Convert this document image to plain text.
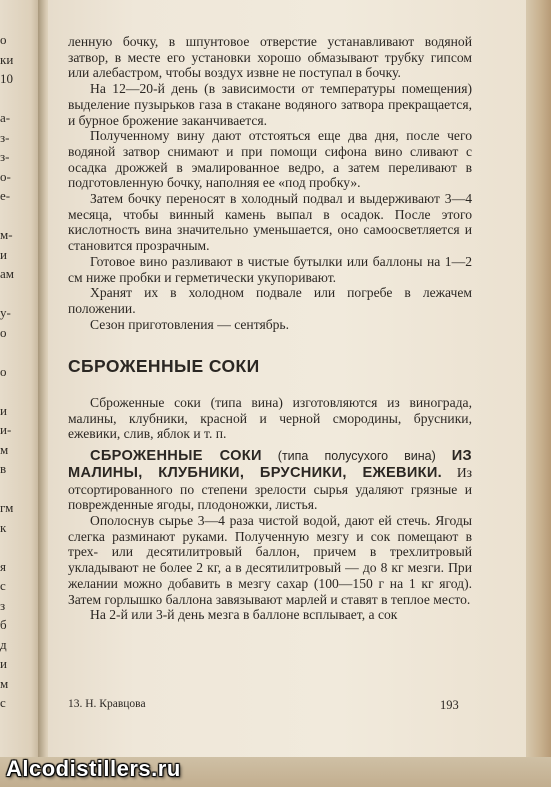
о
ки
10

а-
з-
з-
о-
е-

м-
и
ам

у-
о

о

и
и-
м
в

гм
к

я
с
з
б
д
и
м
с

ленную бочку, в шпунтовое отверстие устанавливают водяной затвор, в месте его установки хорошо обмазывают трубку гипсом или алебастром, чтобы воздух извне не поступал в бочку.

На 12—20-й день (в зависимости от температуры помещения) выделение пузырьков газа в стакане водяного затвора прекращается, и бурное брожение заканчивается.

Полученному вину дают отстояться еще два дня, после чего водяной затвор снимают и при помощи сифона вино сливают с осадка дрожжей в эмалированное ведро, а затем переливают в подготовленную бочку, наполняя ее «под пробку».

Затем бочку переносят в холодный подвал и выдерживают 3—4 месяца, чтобы винный камень выпал в осадок. После этого кислотность вина значительно уменьшается, оно самоосветляется и становится прозрачным.

Готовое вино разливают в чистые бутылки или баллоны на 1—2 см ниже пробки и герметически укупоривают.

Хранят их в холодном подвале или погребе в лежачем положении.

Сезон приготовления — сентябрь.

СБРОЖЕННЫЕ СОКИ

Сброженные соки (типа вина) изготовляются из винограда, малины, клубники, красной и черной смородины, брусники, ежевики, слив, яблок и т. п.

СБРОЖЕННЫЕ СОКИ (типа полусухого вина) ИЗ МАЛИНЫ, КЛУБНИКИ, БРУСНИКИ, ЕЖЕВИКИ. Из отсортированного по степени зрелости сырья удаляют грязные и поврежденные ягоды, плодоножки, листья.

Ополоснув сырье 3—4 раза чистой водой, дают ей стечь. Ягоды слегка разминают руками. Полученную мезгу и сок помещают в трех- или десятилитровый баллон, причем в трехлитровый укладывают не более 2 кг, а в десятилитровый — до 8 кг мезги. При желании можно добавить в мезгу сахар (100—150 г на 1 кг ягод). Затем горлышко баллона завязывают марлей и ставят в теплое место.

На 2-й или 3-й день мезга в баллоне всплывает, а сок

13. Н. Кравцова	193
Alcodistillers.ru
